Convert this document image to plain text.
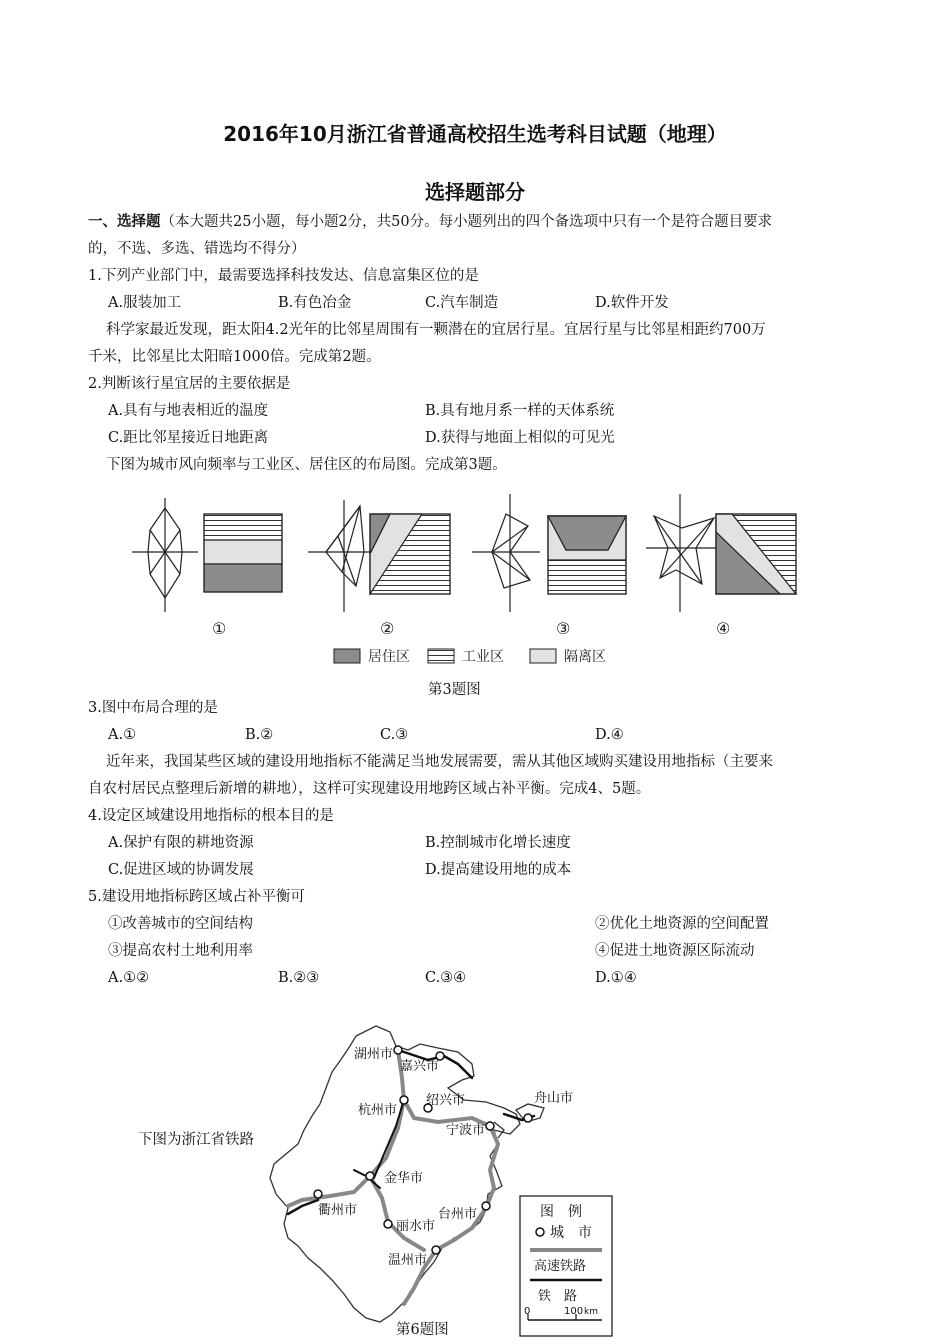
2016年10月浙江省普通高校招生选考科目试题（地理）
选择题部分
一、选择题（本大题共25小题，每小题2分，共50分。每小题列出的四个备选项中只有一个是符合题目要求
的，不选、多选、错选均不得分）
1.下列产业部门中，最需要选择科技发达、信息富集区位的是
A.服装加工	B.有色冶金	C.汽车制造	D.软件开发
科学家最近发现，距太阳4.2光年的比邻星周围有一颗潜在的宜居行星。宜居行星与比邻星相距约700万
千米，比邻星比太阳暗1000倍。完成第2题。
2.判断该行星宜居的主要依据是
A.具有与地表相近的温度	B.具有地月系一样的天体系统
C.距比邻星接近日地距离	D.获得与地面上相似的可见光
下图为城市风向频率与工业区、居住区的布局图。完成第3题。
①	②	③	④
居住区	工业区	隔离区
第3题图
3.图中布局合理的是
A.①	B.②	C.③	D.④
近年来，我国某些区域的建设用地指标不能满足当地发展需要，需从其他区域购买建设用地指标（主要来
自农村居民点整理后新增的耕地），这样可实现建设用地跨区域占补平衡。完成4、5题。
4.设定区域建设用地指标的根本目的是
A.保护有限的耕地资源	B.控制城市化增长速度
C.促进区域的协调发展	D.提高建设用地的成本
5.建设用地指标跨区域占补平衡可
①改善城市的空间结构	②优化土地资源的空间配置
③提高农村土地利用率	④促进土地资源区际流动
A.①②	B.②③	C.③④	D.①④
下图为浙江省铁路
湖州市
嘉兴市
杭州市
绍兴市	舟山市
宁波市
金华市
衢州市	台州市
丽水市
温州市
图　例
城　市
高速铁路
铁　路
0	100 km
第6题图
